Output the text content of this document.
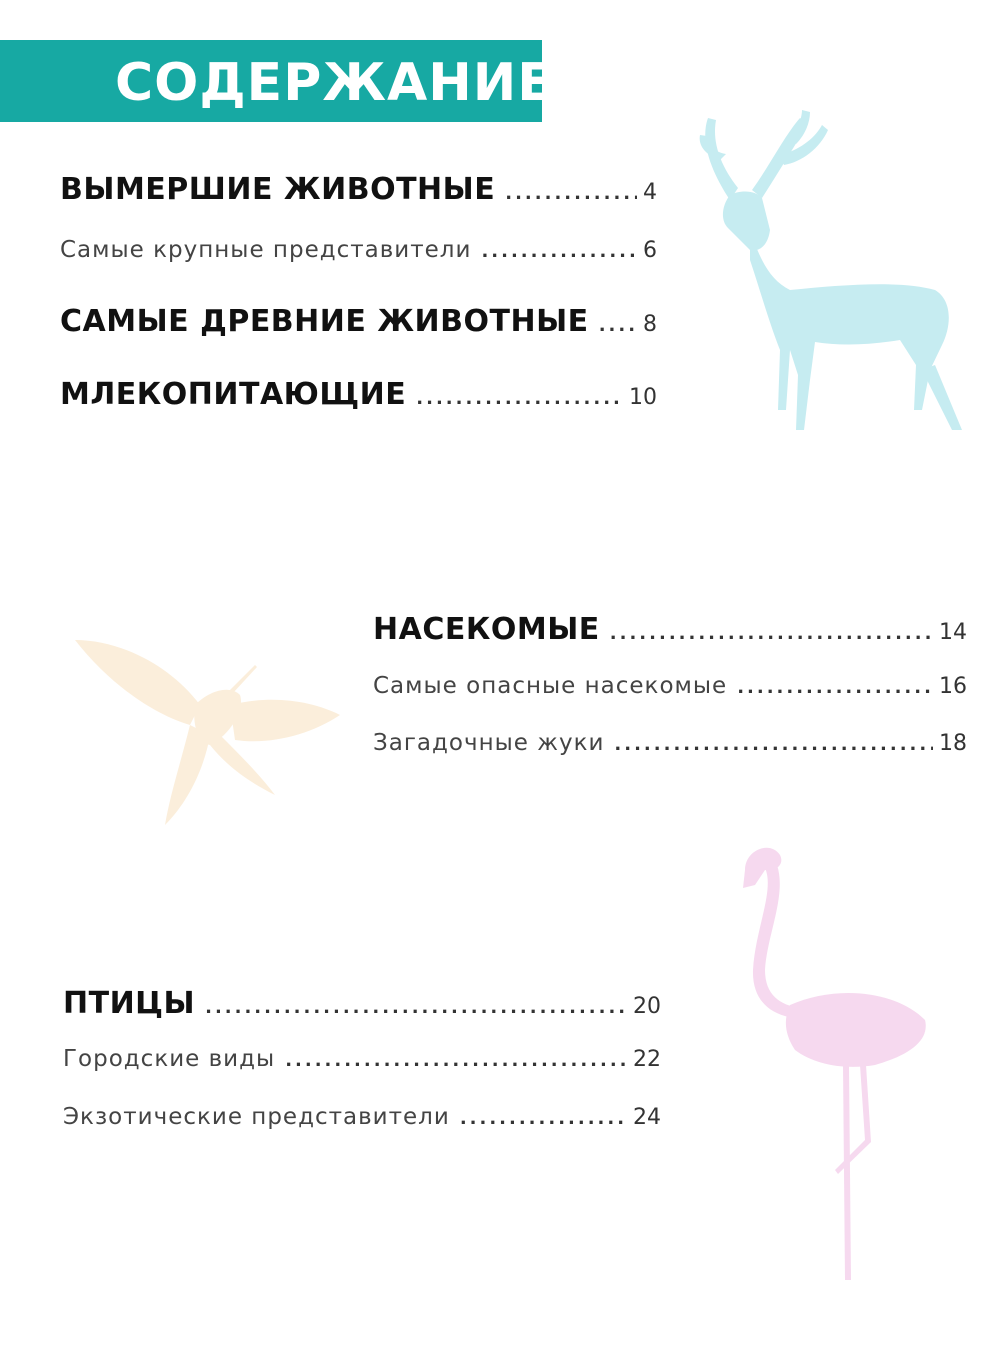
СОДЕРЖАНИЕ
ВЫМЕРШИЕ ЖИВОТНЫЕ .....	4
Самые крупные представители .....	6
САМЫЕ ДРЕВНИЕ ЖИВОТНЫЕ ..... 8
МЛЕКОПИТАЮЩИЕ .....	10
НАСЕКОМЫЕ .....	14
Самые опасные насекомые .....	16
Загадочные жуки .....	18
ПТИЦЫ .....	20
Городские виды .....	22
Экзотические представители .....	24
